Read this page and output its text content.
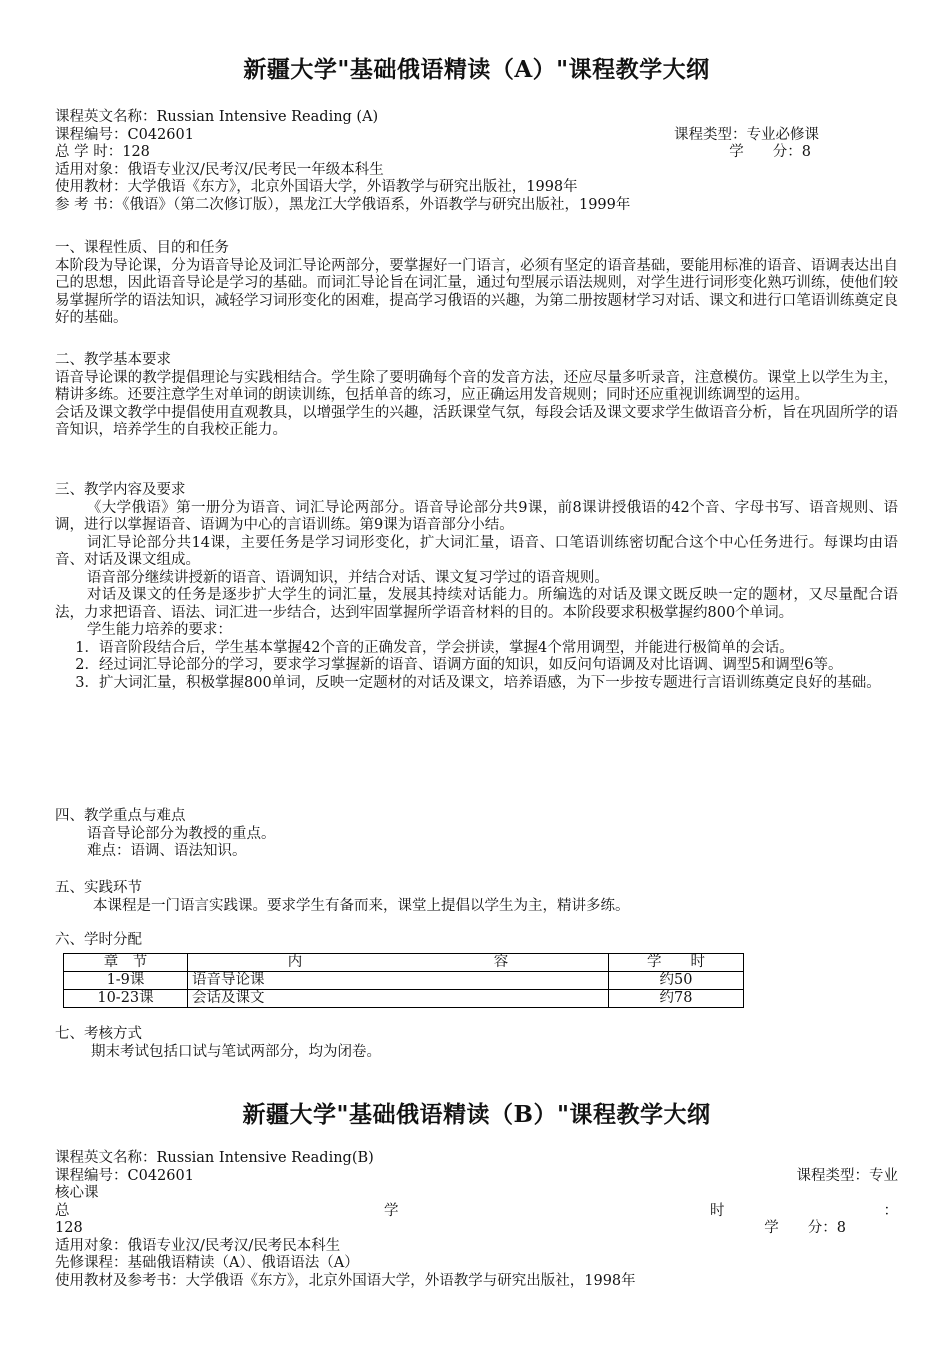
新疆大学"基础俄语精读（A）"课程教学大纲
课程英文名称：Russian Intensive Reading (A)
课程编号：C042601	课程类型：专业必修课
总 学 时：128	学　　分：8
适用对象：俄语专业汉/民考汉/民考民一年级本科生
使用教材：大学俄语《东方》，北京外国语大学，外语教学与研究出版社，1998年
参 考 书：《俄语》（第二次修订版），黑龙江大学俄语系，外语教学与研究出版社，1999年
一、课程性质、目的和任务

本阶段为导论课，分为语音导论及词汇导论两部分，要掌握好一门语言，必须有坚定的语音基础，要能用标准的语音、语调表达出自己的思想，因此语音导论是学习的基础。而词汇导论旨在词汇量，通过句型展示语法规则，对学生进行词形变化熟巧训练，使他们较易掌握所学的语法知识，减轻学习词形变化的困难，提高学习俄语的兴趣，为第二册按题材学习对话、课文和进行口笔语训练奠定良好的基础。

二、教学基本要求

语音导论课的教学提倡理论与实践相结合。学生除了要明确每个音的发音方法，还应尽量多听录音，注意模仿。课堂上以学生为主，精讲多练。还要注意学生对单词的朗读训练，包括单音的练习，应正确运用发音规则；同时还应重视训练调型的运用。

会话及课文教学中提倡使用直观教具，以增强学生的兴趣，活跃课堂气氛，每段会话及课文要求学生做语音分析，旨在巩固所学的语音知识，培养学生的自我校正能力。

三、教学内容及要求

《大学俄语》第一册分为语音、词汇导论两部分。语音导论部分共9课，前8课讲授俄语的42个音、字母书写、语音规则、语调，进行以掌握语音、语调为中心的言语训练。第9课为语音部分小结。

词汇导论部分共14课，主要任务是学习词形变化，扩大词汇量，语音、口笔语训练密切配合这个中心任务进行。每课均由语音、对话及课文组成。

语音部分继续讲授新的语音、语调知识，并结合对话、课文复习学过的语音规则。

对话及课文的任务是逐步扩大学生的词汇量，发展其持续对话能力。所编选的对话及课文既反映一定的题材，又尽量配合语法，力求把语音、语法、词汇进一步结合，达到牢固掌握所学语音材料的目的。本阶段要求积极掌握约800个单词。

学生能力培养的要求：

1．语音阶段结合后，学生基本掌握42个音的正确发音，学会拼读，掌握4个常用调型，并能进行极简单的会话。

2．经过词汇导论部分的学习，要求学习掌握新的语音、语调方面的知识，如反问句语调及对比语调、调型5和调型6等。

3．扩大词汇量，积极掌握800单词，反映一定题材的对话及课文，培养语感，为下一步按专题进行言语训练奠定良好的基础。

四、教学重点与难点
语音导论部分为教授的重点。
难点：语调、语法知识。
五、实践环节
本课程是一门语言实践课。要求学生有备而来，课堂上提倡以学生为主，精讲多练。
六、学时分配
章　节	内 容	学　　时
1-9课	语音导论课	约50
10-23课	会话及课文	约78
七、考核方式
期末考试包括口试与笔试两部分，均为闭卷。
新疆大学"基础俄语精读（B）"课程教学大纲
课程英文名称：Russian Intensive Reading(B)
课程编号：C042601	课程类型：专业
核心课
总	学	时	：
128	学　　分：8
适用对象：俄语专业汉/民考汉/民考民本科生
先修课程：基础俄语精读（A）、俄语语法（A）
使用教材及参考书：大学俄语《东方》，北京外国语大学，外语教学与研究出版社，1998年
